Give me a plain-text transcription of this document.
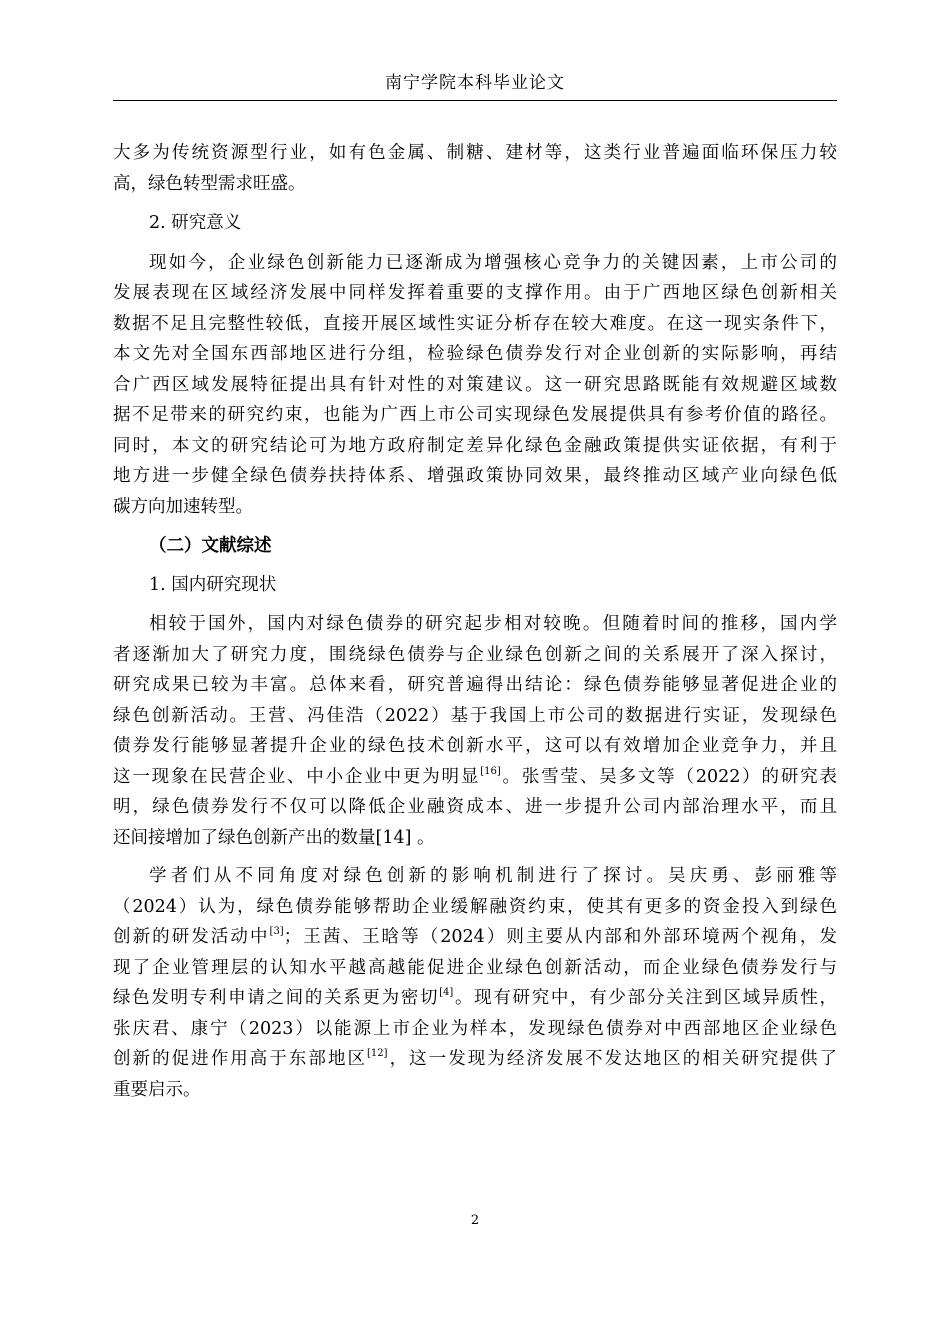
南宁学院本科毕业论文
大多为传统资源型行业，如有色金属、制糖、建材等，这类行业普遍面临环保压力较
高，绿色转型需求旺盛。
2. 研究意义
现如今，企业绿色创新能力已逐渐成为增强核心竞争力的关键因素，上市公司的
发展表现在区域经济发展中同样发挥着重要的支撑作用。由于广西地区绿色创新相关
数据不足且完整性较低，直接开展区域性实证分析存在较大难度。在这一现实条件下，
本文先对全国东西部地区进行分组，检验绿色债券发行对企业创新的实际影响，再结
合广西区域发展特征提出具有针对性的对策建议。这一研究思路既能有效规避区域数
据不足带来的研究约束，也能为广西上市公司实现绿色发展提供具有参考价值的路径。
同时，本文的研究结论可为地方政府制定差异化绿色金融政策提供实证依据，有利于
地方进一步健全绿色债券扶持体系、增强政策协同效果，最终推动区域产业向绿色低
碳方向加速转型。
（二）文献综述
1. 国内研究现状
相较于国外，国内对绿色债券的研究起步相对较晚。但随着时间的推移，国内学
者逐渐加大了研究力度，围绕绿色债券与企业绿色创新之间的关系展开了深入探讨，
研究成果已较为丰富。总体来看，研究普遍得出结论：绿色债券能够显著促进企业的
绿色创新活动。王营、冯佳浩（2022）基于我国上市公司的数据进行实证，发现绿色
债券发行能够显著提升企业的绿色技术创新水平，这可以有效增加企业竞争力，并且
这一现象在民营企业、中小企业中更为明显[16]。张雪莹、吴多文等（2022）的研究表
明，绿色债券发行不仅可以降低企业融资成本、进一步提升公司内部治理水平，而且
还间接增加了绿色创新产出的数量[14] 。
学者们从不同角度对绿色创新的影响机制进行了探讨。吴庆勇、彭丽雅等
（2024）认为，绿色债券能够帮助企业缓解融资约束，使其有更多的资金投入到绿色
创新的研发活动中[3]；王茜、王晗等（2024）则主要从内部和外部环境两个视角，发
现了企业管理层的认知水平越高越能促进企业绿色创新活动，而企业绿色债券发行与
绿色发明专利申请之间的关系更为密切[4]。现有研究中，有少部分关注到区域异质性，
张庆君、康宁（2023）以能源上市企业为样本，发现绿色债券对中西部地区企业绿色
创新的促进作用高于东部地区[12]，这一发现为经济发展不发达地区的相关研究提供了
重要启示。
2
